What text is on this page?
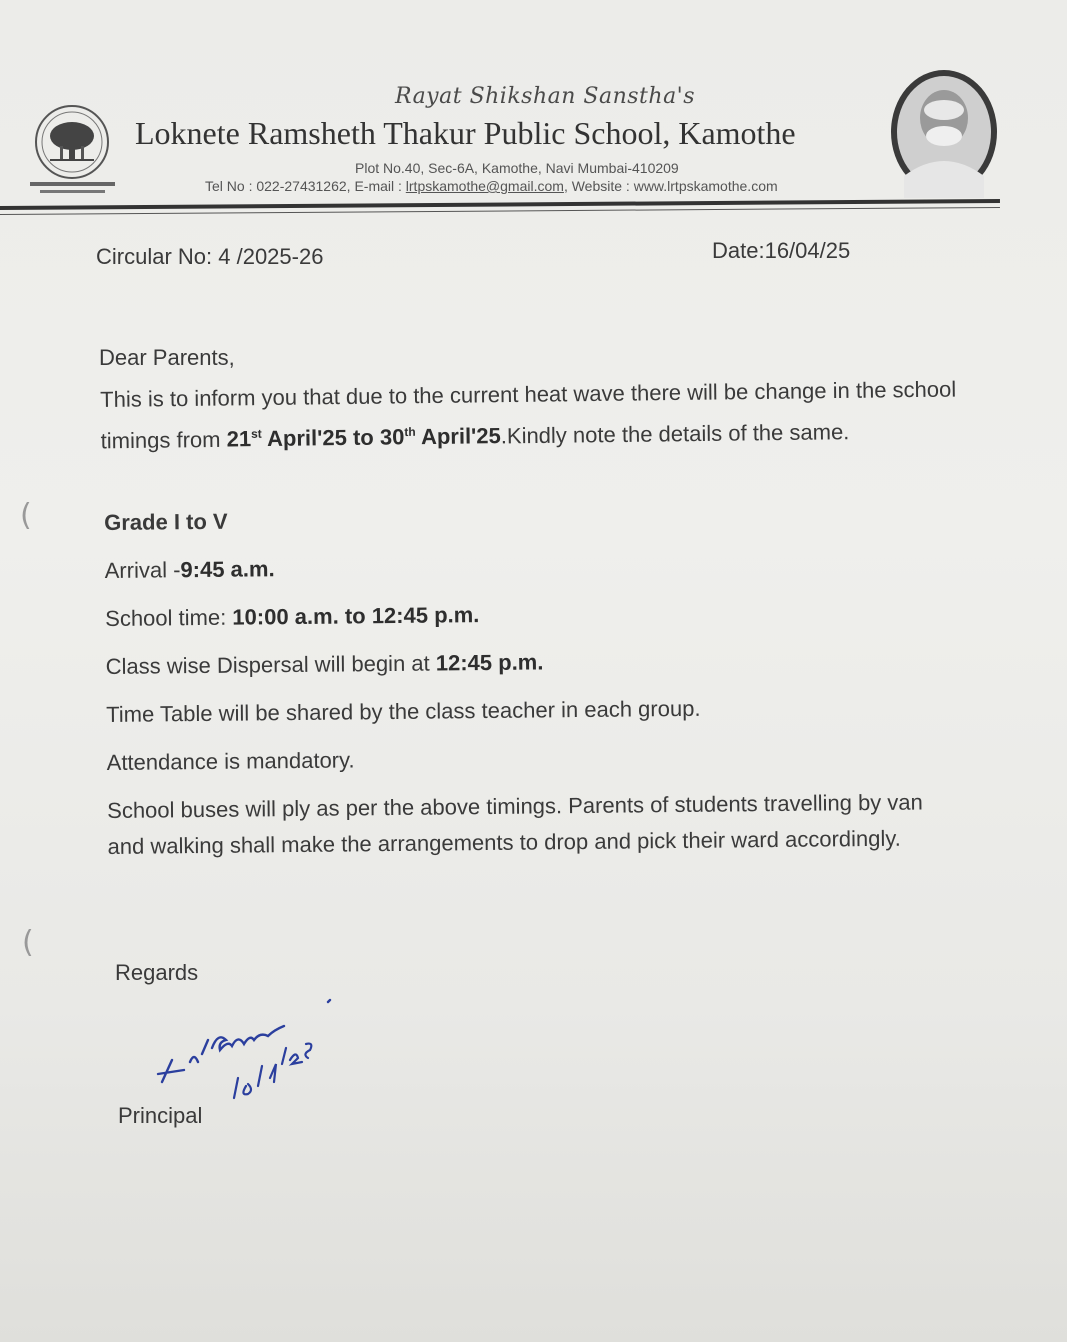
Rayat Shikshan Sanstha's
Loknete Ramsheth Thakur Public School, Kamothe
Plot No.40, Sec-6A, Kamothe, Navi Mumbai-410209
Tel No : 022-27431262, E-mail : lrtpskamothe@gmail.com, Website : www.lrtpskamothe.com
Circular No: 4 /2025-26	Date:16/04/25
Dear Parents,
This is to inform you that due to the current heat wave there will be change in the school timings from 21st April'25 to 30th April'25.Kindly note the details of the same.
Grade I to V
Arrival -9:45 a.m.
School time: 10:00 a.m. to 12:45 p.m.
Class wise Dispersal will begin at 12:45 p.m.
Time Table will be shared by the class teacher in each group.
Attendance is mandatory.
School buses will ply as per the above timings. Parents of students travelling by van and walking shall make the arrangements to drop and pick their ward accordingly.
(
(
Regards
Principal
